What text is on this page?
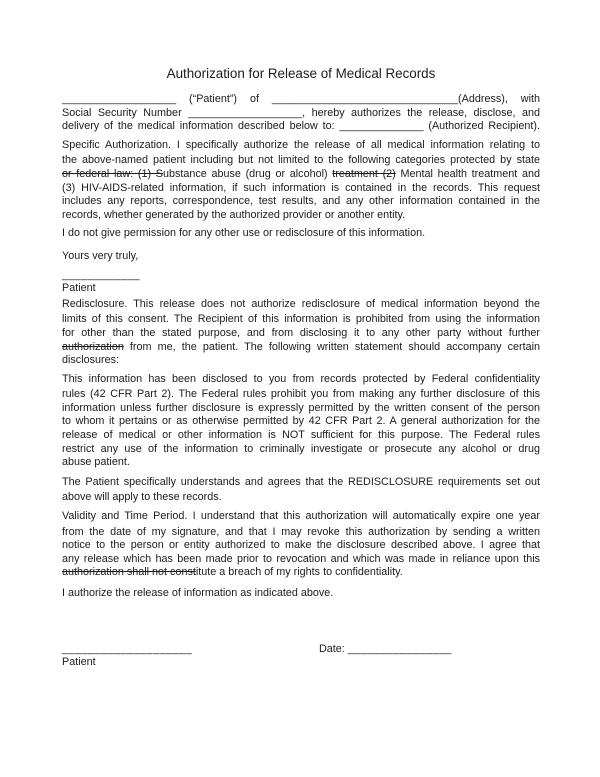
Authorization for Release of Medical Records
___________________ (“Patient”) of _______________________________(Address), with
Social Security Number ___________________, hereby authorizes the release, disclose, and
delivery of the medical information described below to: ______________ (Authorized Recipient).
Specific Authorization. I specifically authorize the release of all medical information relating to
the above-named patient including but not limited to the following categories protected by state
or federal law: (1) Substance abuse (drug or alcohol) treatment (2) Mental health treatment and
(3) HIV-AIDS-related information, if such information is contained in the records. This request
includes any reports, correspondence, test results, and any other information contained in the
records, whether generated by the authorized provider or another entity.
I do not give permission for any other use or redisclosure of this information.
Yours very truly,
____________
Patient
Redisclosure. This release does not authorize redisclosure of medical information beyond the
limits of this consent. The Recipient of this information is prohibited from using the information
for other than the stated purpose, and from disclosing it to any other party without further
authorization from me, the patient. The following written statement should accompany certain
disclosures:
This information has been disclosed to you from records protected by Federal confidentiality
rules (42 CFR Part 2). The Federal rules prohibit you from making any further disclosure of this
information unless further disclosure is expressly permitted by the written consent of the person
to whom it pertains or as otherwise permitted by 42 CFR Part 2. A general authorization for the
release of medical or other information is NOT sufficient for this purpose. The Federal rules
restrict any use of the information to criminally investigate or prosecute any alcohol or drug
abuse patient.
The Patient specifically understands and agrees that the REDISCLOSURE requirements set out
above will apply to these records.
Validity and Time Period. I understand that this authorization will automatically expire one year
from the date of my signature, and that I may revoke this authorization by sending a written
notice to the person or entity authorized to make the disclosure described above. I agree that
any release which has been made prior to revocation and which was made in reliance upon this
authorization shall not constitute a breach of my rights to confidentiality.
I authorize the release of information as indicated above.
____________________
Patient
Date: ________________
